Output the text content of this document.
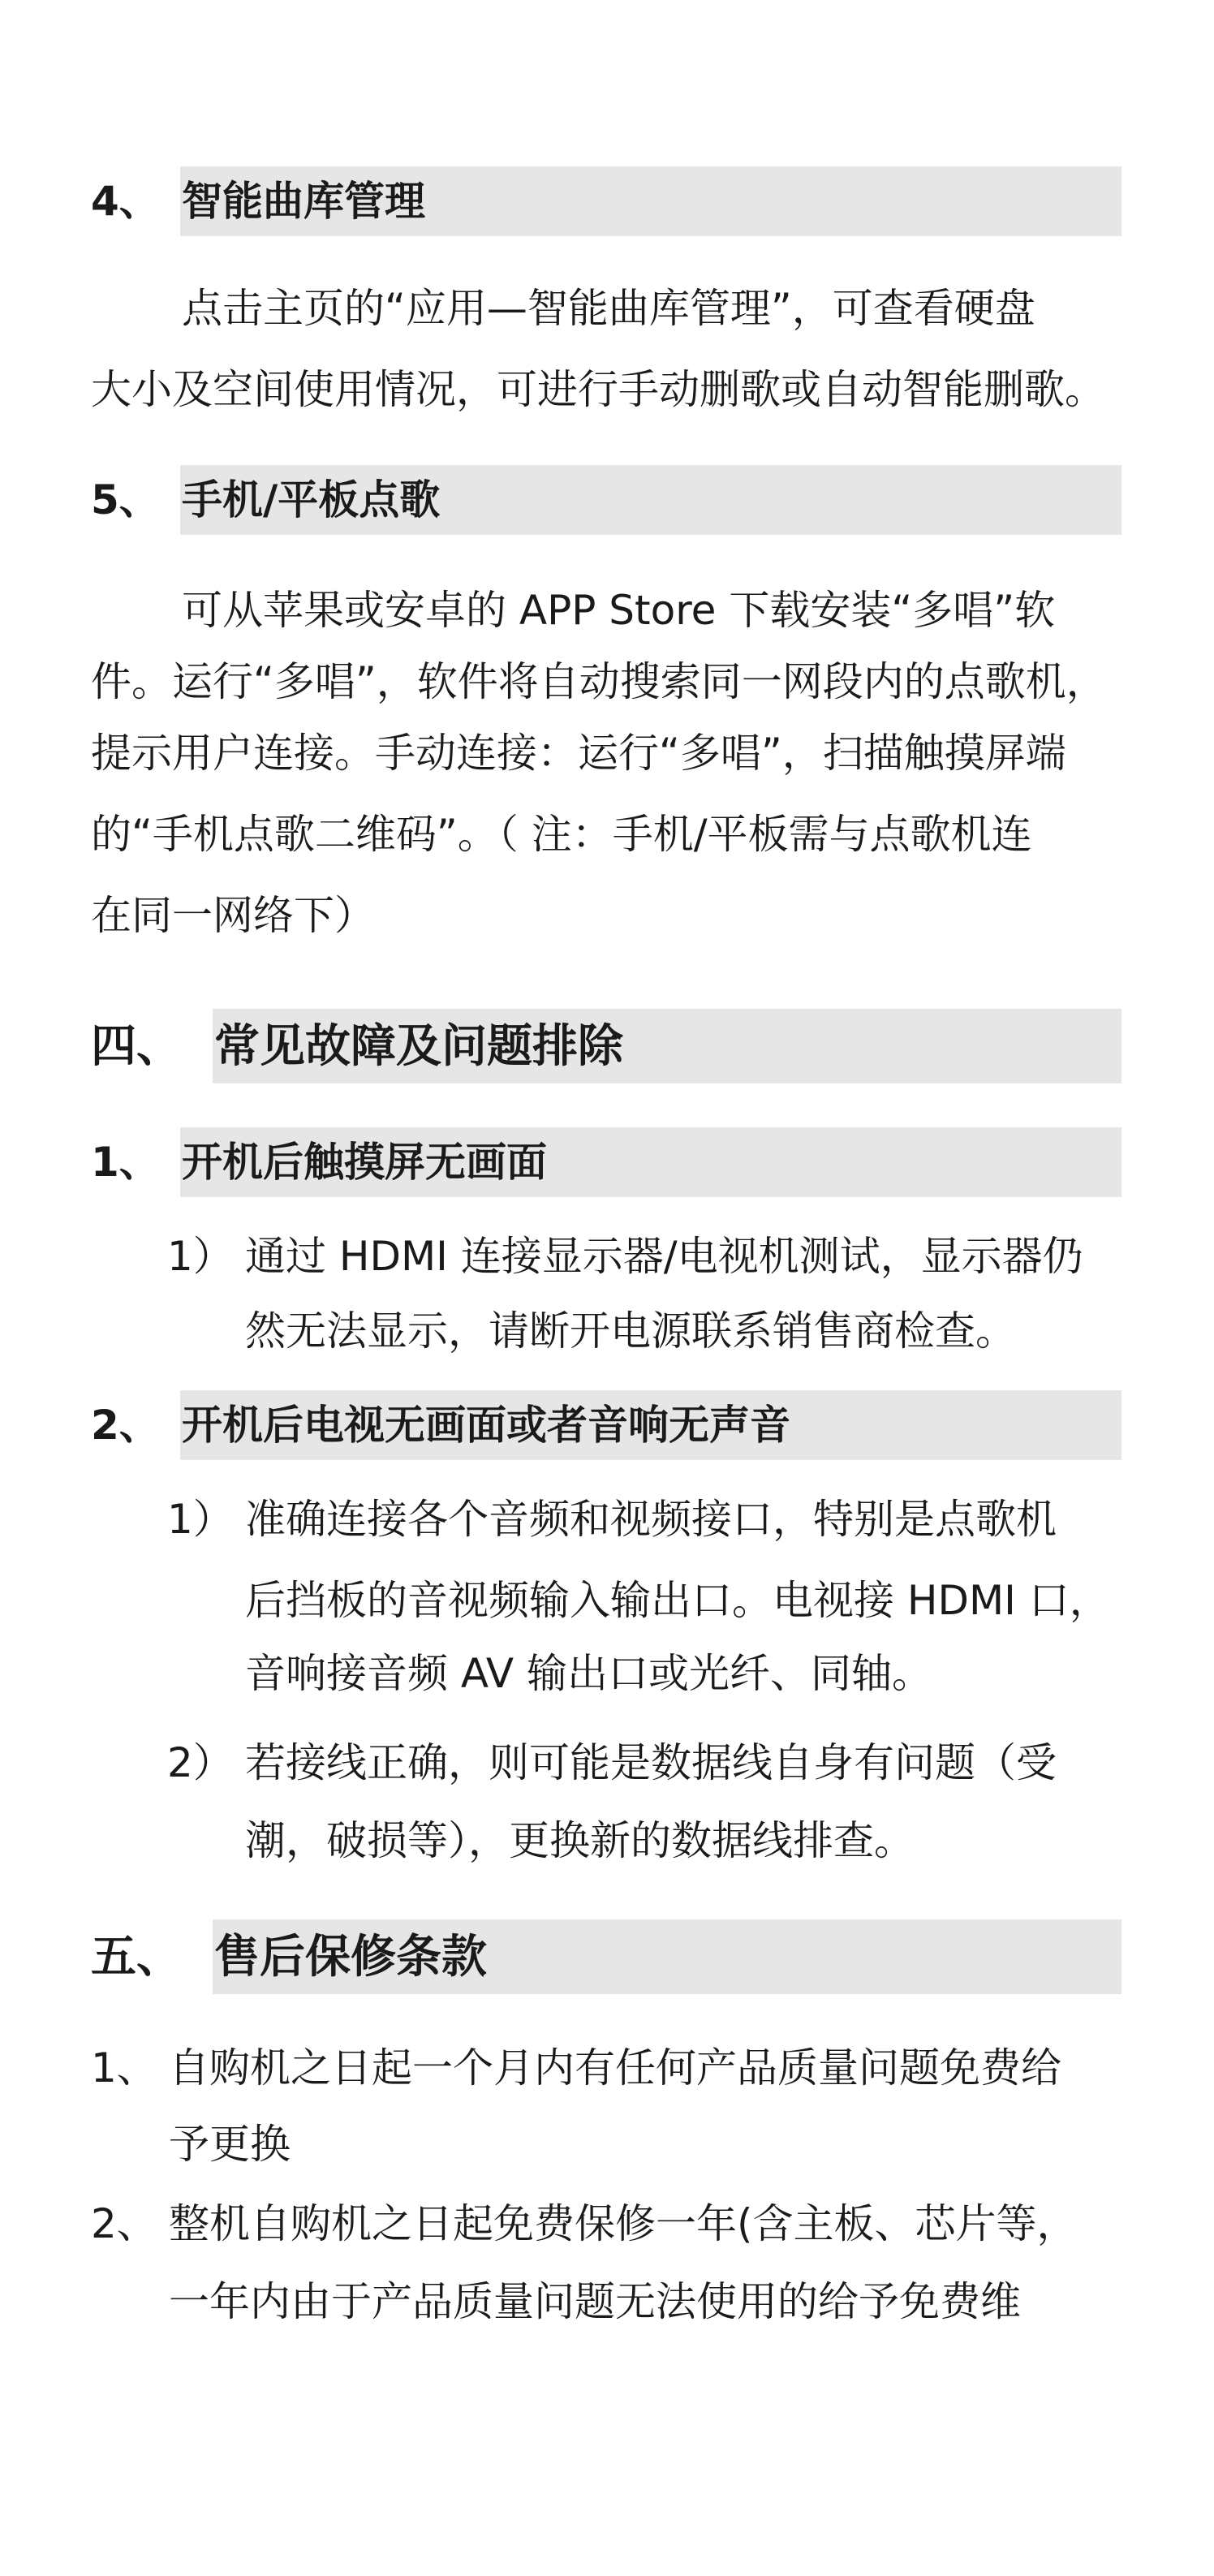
4、 智能曲库管理
点击主页的“应用—智能曲库管理”，可查看硬盘
大小及空间使用情况，可进行手动删歌或自动智能删歌。
5、 手机/平板点歌
可从苹果或安卓的 APP Store 下载安装“多唱”软
件。运行“多唱”，软件将自动搜索同一网段内的点歌机，
提示用户连接。手动连接：运行“多唱”，扫描触摸屏端
的“手机点歌二维码”。（ 注：手机/平板需与点歌机连
在同一网络下）
四、 常见故障及问题排除
1、 开机后触摸屏无画面
1） 通过 HDMI 连接显示器/电视机测试，显示器仍
然无法显示，请断开电源联系销售商检查。
2、 开机后电视无画面或者音响无声音
1） 准确连接各个音频和视频接口，特别是点歌机
后挡板的音视频输入输出口。电视接 HDMI 口，
音响接音频 AV 输出口或光纤、同轴。
2） 若接线正确，则可能是数据线自身有问题（受
潮，破损等），更换新的数据线排查。
五、 售后保修条款
1、 自购机之日起一个月内有任何产品质量问题免费给
予更换
2、 整机自购机之日起免费保修一年(含主板、芯片等，
一年内由于产品质量问题无法使用的给予免费维
